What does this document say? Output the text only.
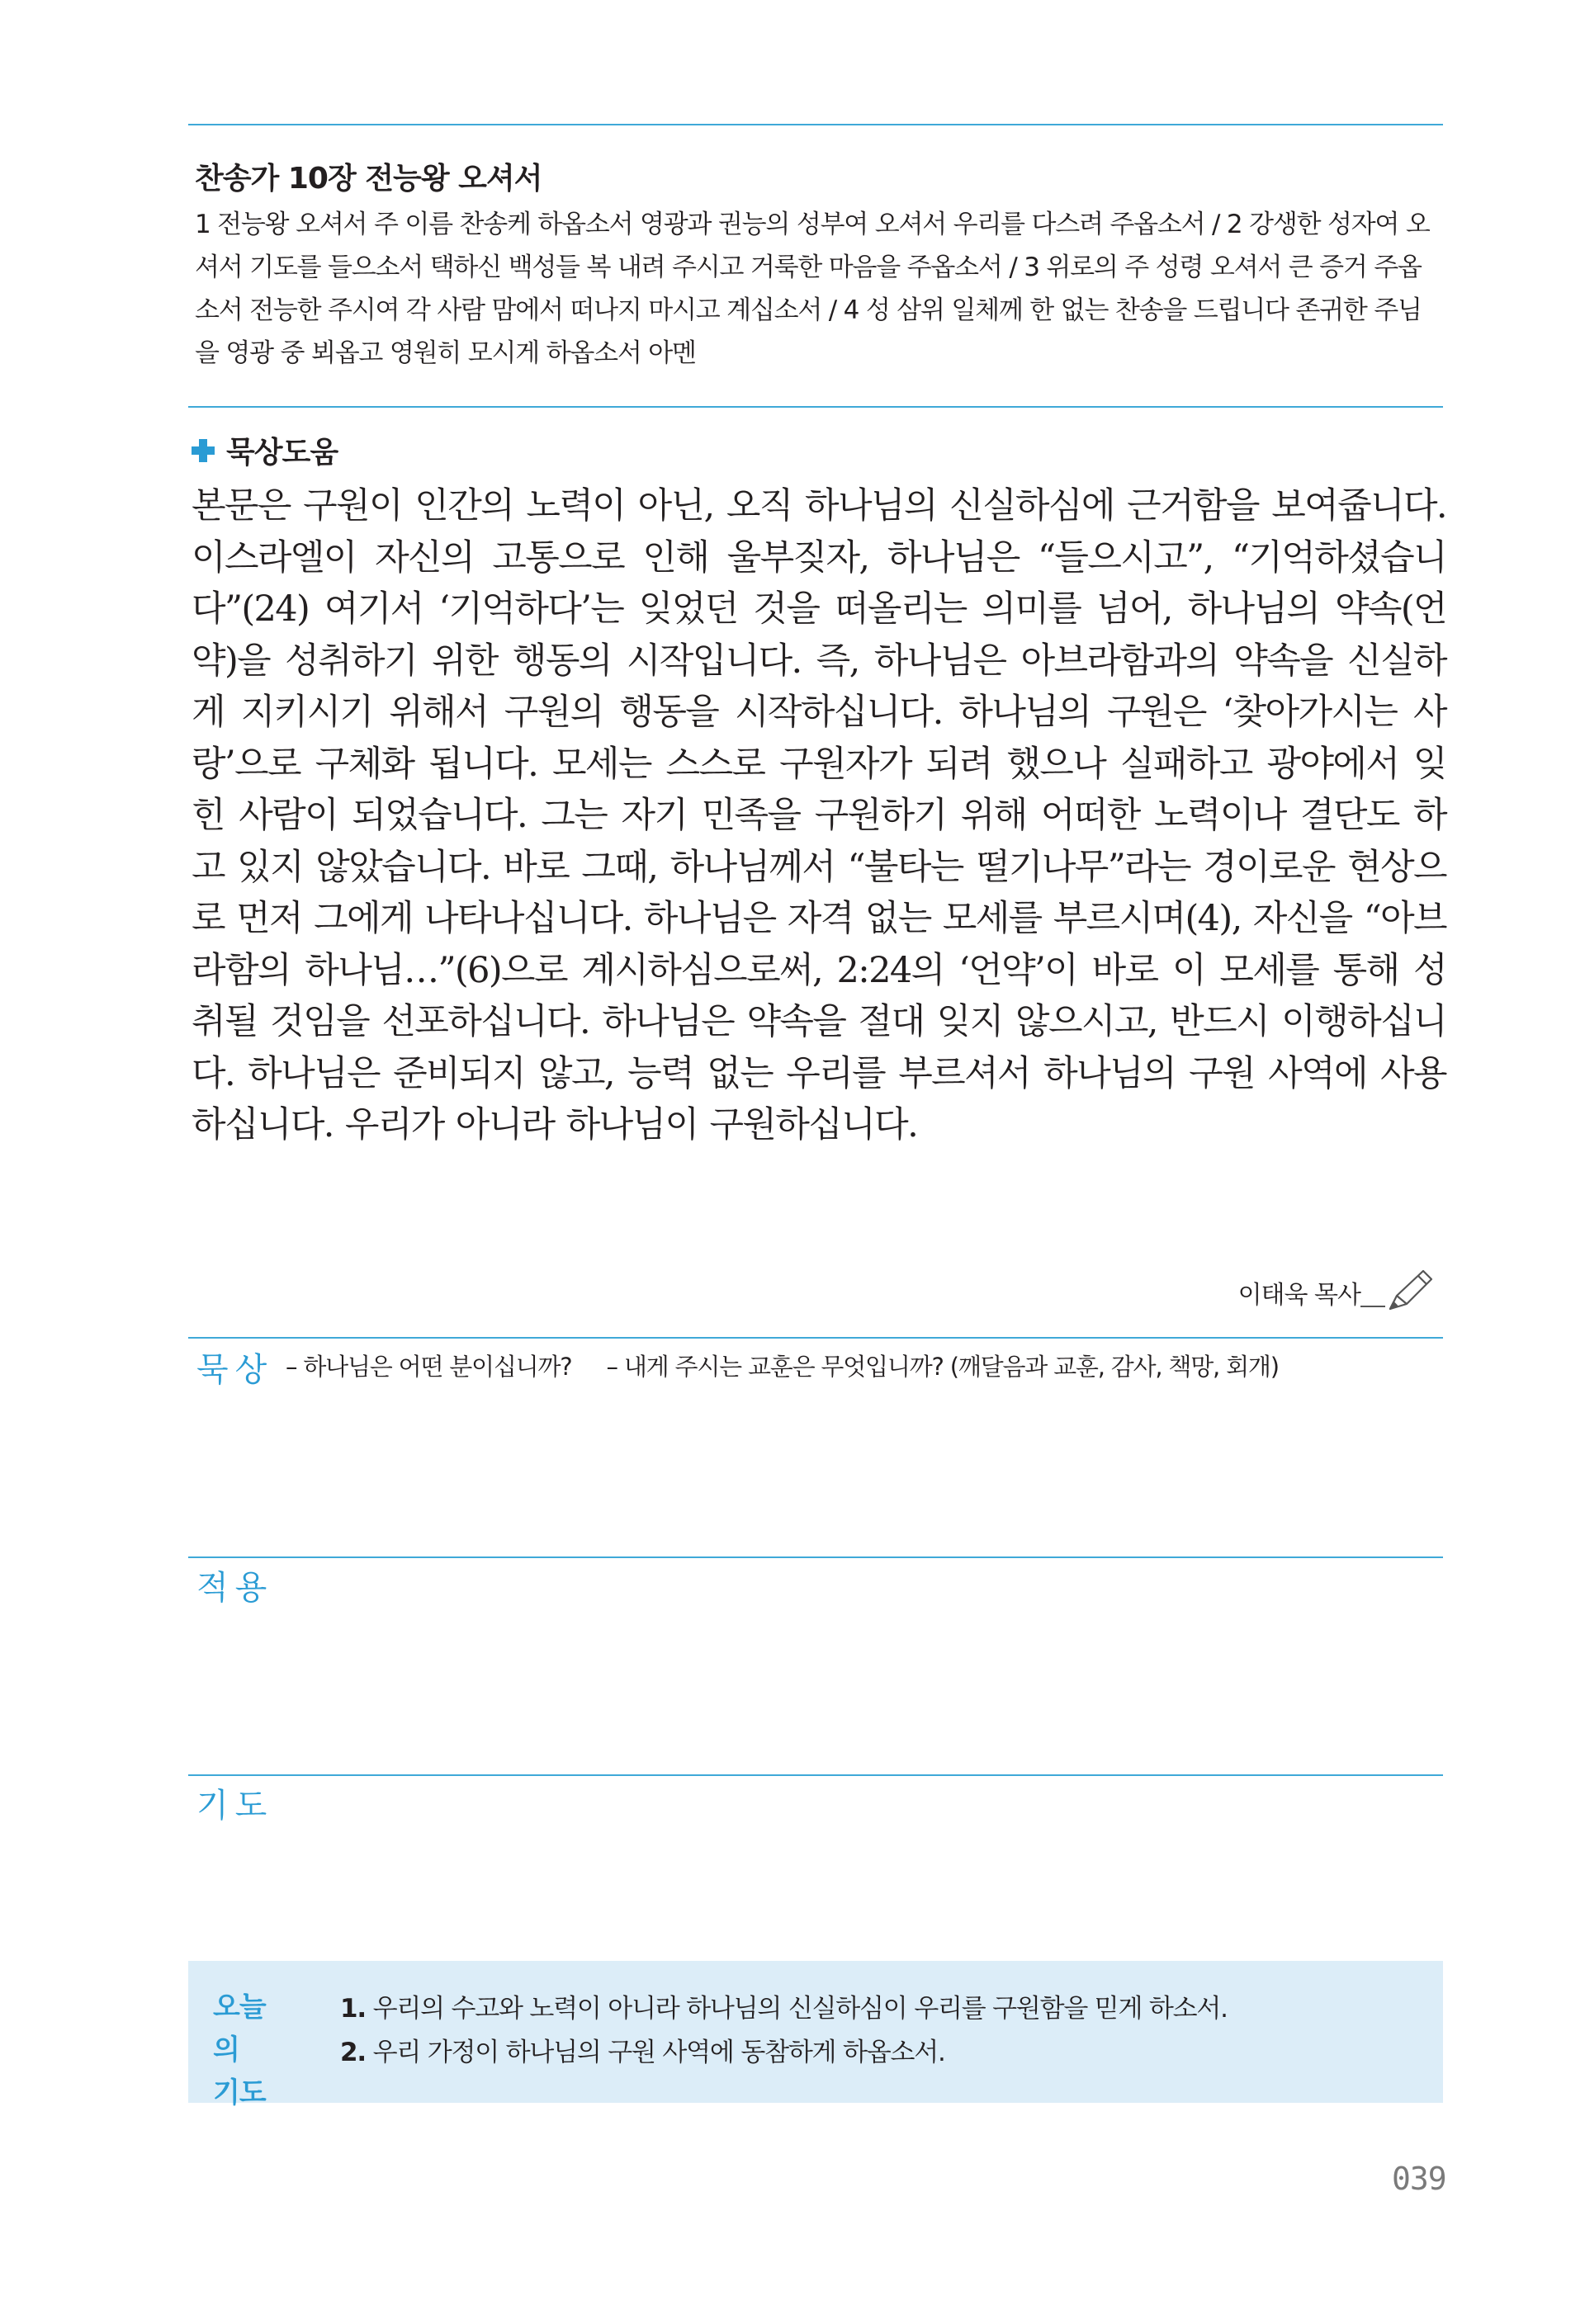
찬송가 10장 전능왕 오셔서
1 전능왕 오셔서 주 이름 찬송케 하옵소서 영광과 권능의 성부여 오셔서 우리를 다스려 주옵소서 / 2 강생한 성자여 오셔서 기도를 들으소서 택하신 백성들 복 내려 주시고 거룩한 마음을 주옵소서 / 3 위로의 주 성령 오셔서 큰 증거 주옵소서 전능한 주시여 각 사람 맘에서 떠나지 마시고 계십소서 / 4 성 삼위 일체께 한 없는 찬송을 드립니다 존귀한 주님을 영광 중 뵈옵고 영원히 모시게 하옵소서 아멘
묵상도움
본문은 구원이 인간의 노력이 아닌, 오직 하나님의 신실하심에 근거함을 보여줍니다. 이스라엘이 자신의 고통으로 인해 울부짖자, 하나님은 “들으시고”, “기억하셨습니다”(24) 여기서 ‘기억하다’는 잊었던 것을 떠올리는 의미를 넘어, 하나님의 약속(언약)을 성취하기 위한 행동의 시작입니다. 즉, 하나님은 아브라함과의 약속을 신실하게 지키시기 위해서 구원의 행동을 시작하십니다. 하나님의 구원은 ‘찾아가시는 사랑’으로 구체화 됩니다. 모세는 스스로 구원자가 되려 했으나 실패하고 광야에서 잊힌 사람이 되었습니다. 그는 자기 민족을 구원하기 위해 어떠한 노력이나 결단도 하고 있지 않았습니다. 바로 그때, 하나님께서 “불타는 떨기나무”라는 경이로운 현상으로 먼저 그에게 나타나십니다. 하나님은 자격 없는 모세를 부르시며(4), 자신을 “아브라함의 하나님…”(6)으로 계시하심으로써, 2:24의 ‘언약’이 바로 이 모세를 통해 성취될 것임을 선포하십니다. 하나님은 약속을 절대 잊지 않으시고, 반드시 이행하십니다. 하나님은 준비되지 않고, 능력 없는 우리를 부르셔서 하나님의 구원 사역에 사용하십니다. 우리가 아니라 하나님이 구원하십니다.
이태욱 목사
묵상 – 하나님은 어떤 분이십니까? – 내게 주시는 교훈은 무엇입니까? (깨달음과 교훈, 감사, 책망, 회개)
적용
기도
오늘의
기도
1. 우리의 수고와 노력이 아니라 하나님의 신실하심이 우리를 구원함을 믿게 하소서.
2. 우리 가정이 하나님의 구원 사역에 동참하게 하옵소서.
039
